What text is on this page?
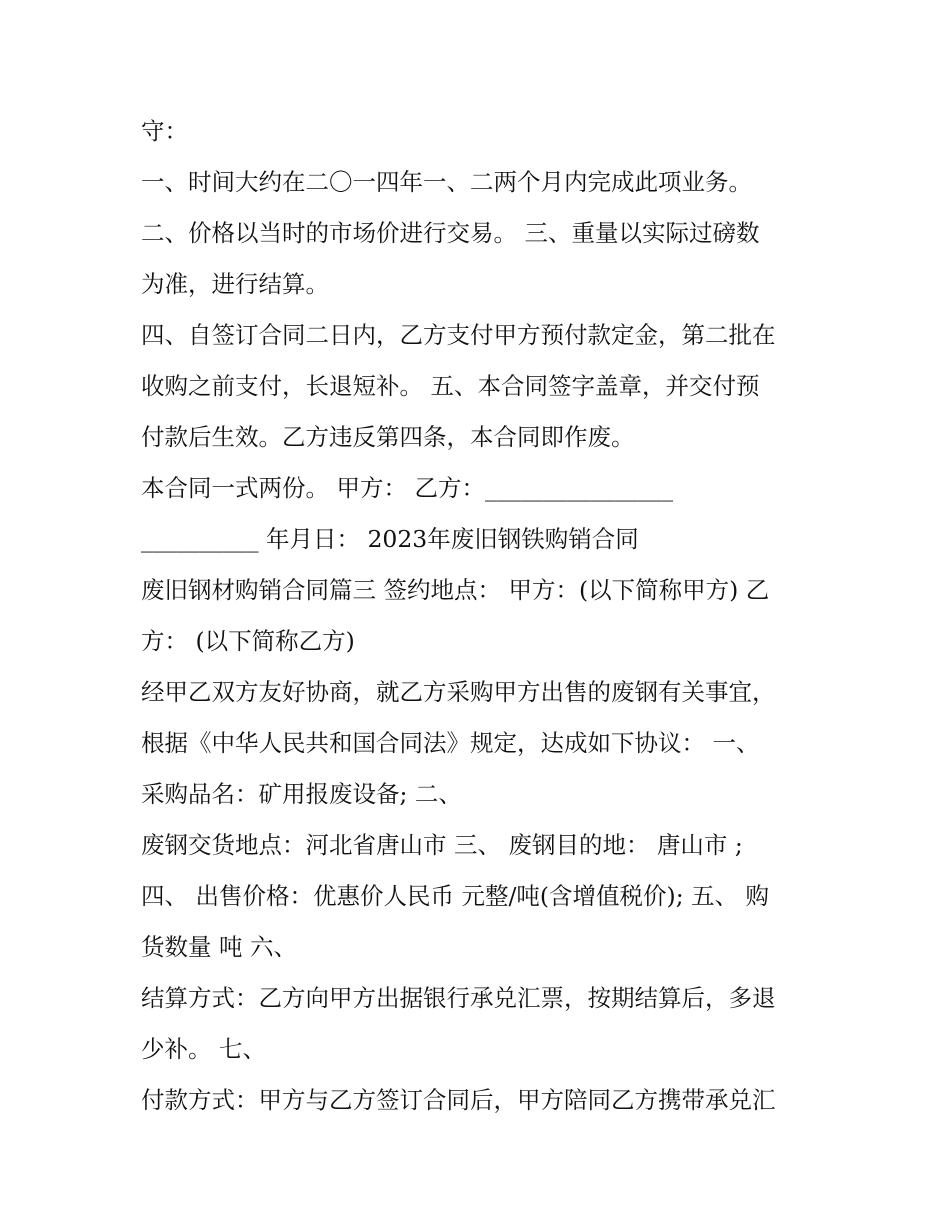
守：
一、时间大约在二〇一四年一、二两个月内完成此项业务。
二、价格以当时的市场价进行交易。 三、重量以实际过磅数
为准，进行结算。
四、自签订合同二日内，乙方支付甲方预付款定金，第二批在
收购之前支付，长退短补。 五、本合同签字盖章，并交付预
付款后生效。乙方违反第四条，本合同即作废。
本合同一式两份。 甲方： 乙方：________________
__________ 年月日： 2023年废旧钢铁购销合同
废旧钢材购销合同篇三 签约地点： 甲方：(以下简称甲方) 乙
方： (以下简称乙方)
经甲乙双方友好协商，就乙方采购甲方出售的废钢有关事宜，
根据《中华人民共和国合同法》规定，达成如下协议： 一、
采购品名：矿用报废设备; 二、
废钢交货地点：河北省唐山市 三、 废钢目的地： 唐山市 ;
四、 出售价格：优惠价人民币 元整/吨(含增值税价); 五、 购
货数量 吨 六、
结算方式：乙方向甲方出据银行承兑汇票，按期结算后，多退
少补。 七、
付款方式：甲方与乙方签订合同后，甲方陪同乙方携带承兑汇
